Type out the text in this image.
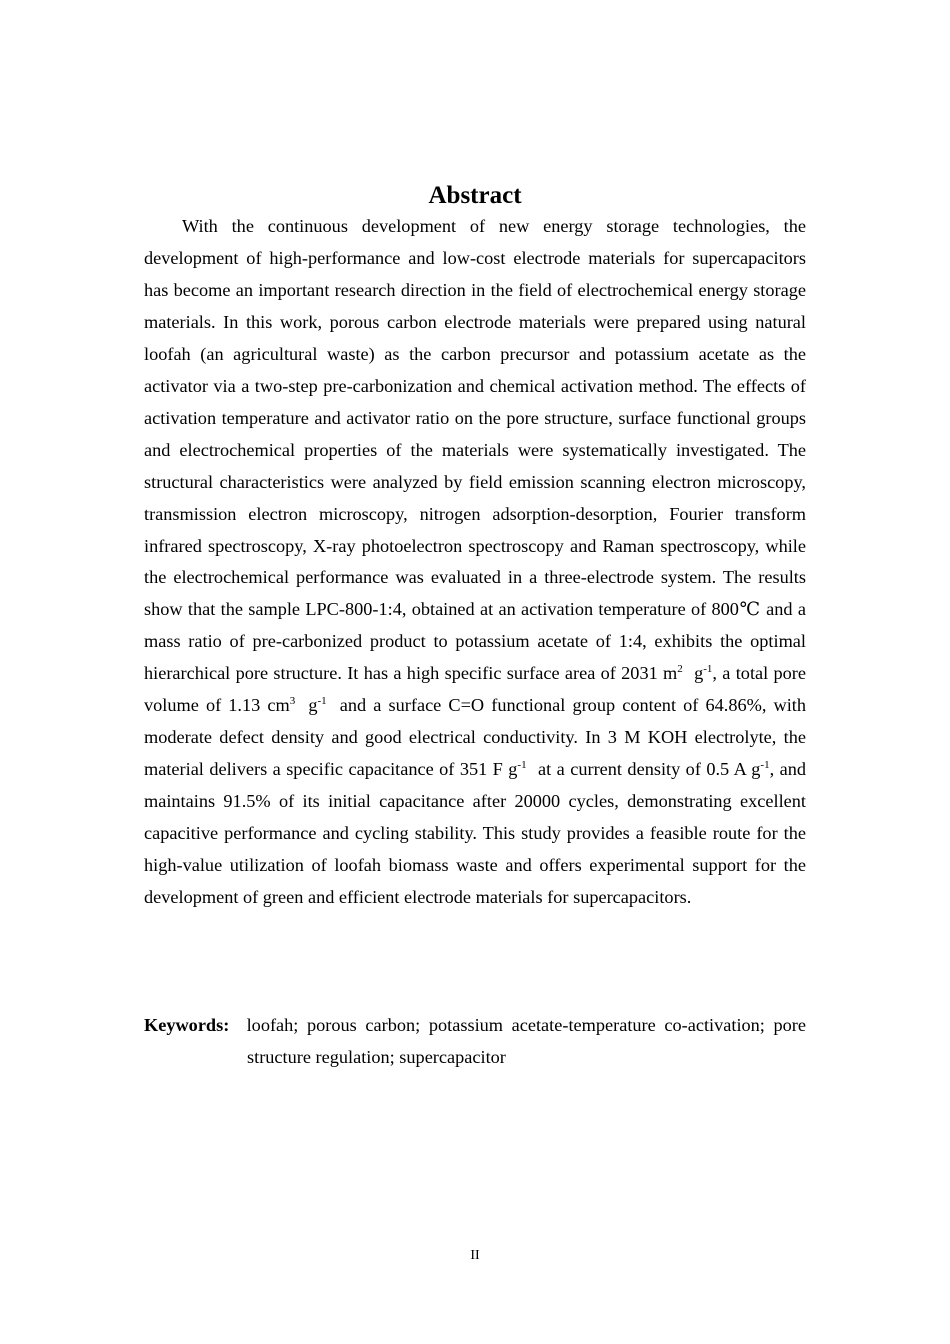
Abstract
With the continuous development of new energy storage technologies, the development of high-performance and low-cost electrode materials for supercapacitors has become an important research direction in the field of electrochemical energy storage materials. In this work, porous carbon electrode materials were prepared using natural loofah (an agricultural waste) as the carbon precursor and potassium acetate as the activator via a two-step pre-carbonization and chemical activation method. The effects of activation temperature and activator ratio on the pore structure, surface functional groups and electrochemical properties of the materials were systematically investigated. The structural characteristics were analyzed by field emission scanning electron microscopy, transmission electron microscopy, nitrogen adsorption-desorption, Fourier transform infrared spectroscopy, X-ray photoelectron spectroscopy and Raman spectroscopy, while the electrochemical performance was evaluated in a three-electrode system. The results show that the sample LPC-800-1:4, obtained at an activation temperature of 800℃ and a mass ratio of pre-carbonized product to potassium acetate of 1:4, exhibits the optimal hierarchical pore structure. It has a high specific surface area of 2031 $m^2$ $g^{-1}$, a total pore volume of 1.13 $cm^3$ $g^{-1}$ and a surface C=O functional group content of 64.86%, with moderate defect density and good electrical conductivity. In 3 M KOH electrolyte, the material delivers a specific capacitance of 351 F $g^{-1}$ at a current density of 0.5 A $g^{-1}$, and maintains 91.5% of its initial capacitance after 20000 cycles, demonstrating excellent capacitive performance and cycling stability. This study provides a feasible route for the high-value utilization of loofah biomass waste and offers experimental support for the development of green and efficient electrode materials for supercapacitors.
Keywords: loofah; porous carbon; potassium acetate-temperature co-activation; pore structure regulation; supercapacitor
II
